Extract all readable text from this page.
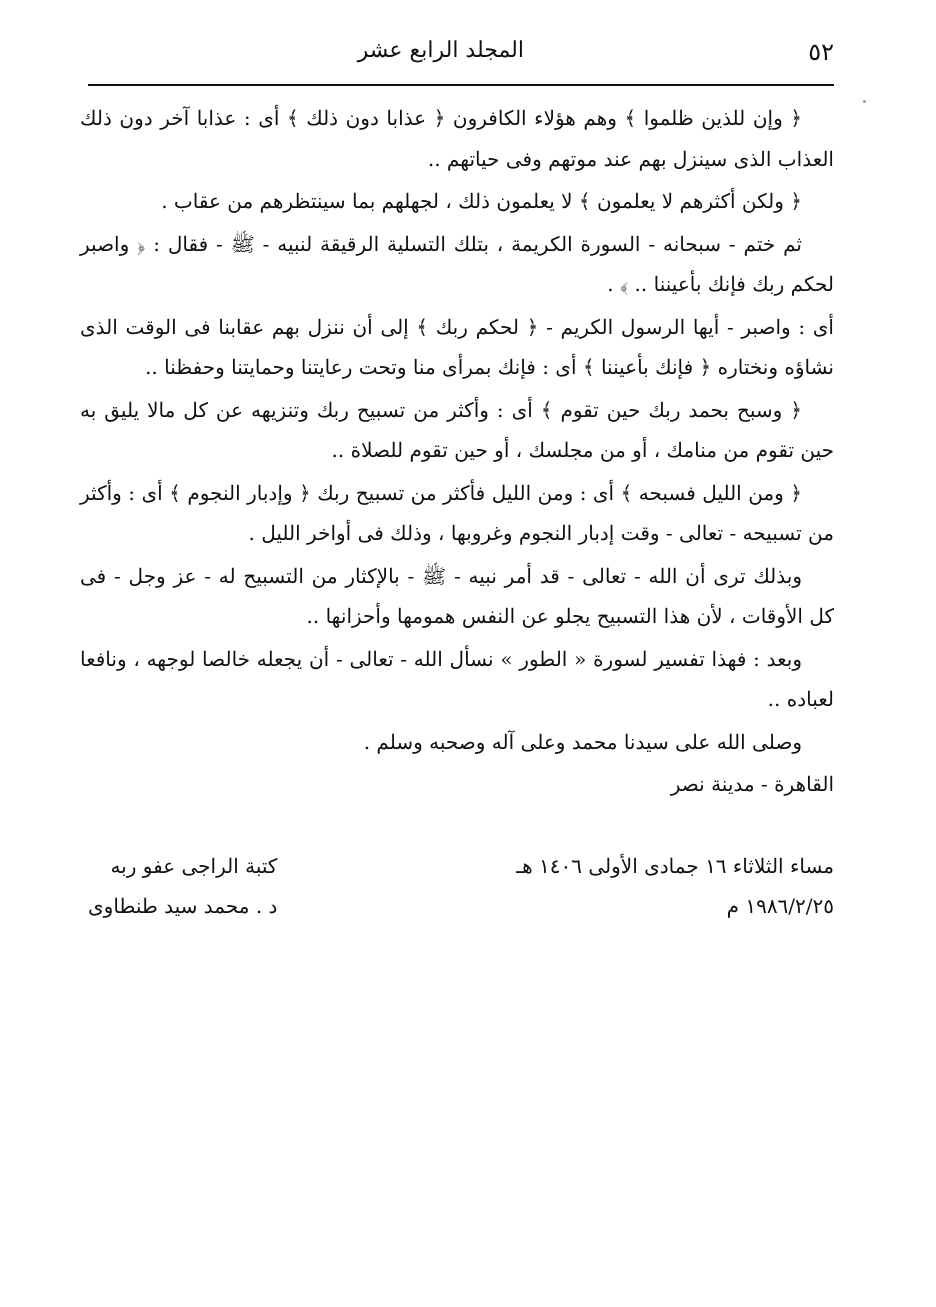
٥٢
المجلد الرابع عشر

﴿ وإن للذين ظلموا ﴾ وهم هؤلاء الكافرون ﴿ عذابا دون ذلك ﴾ أى : عذابا آخر دون ذلك العذاب الذى سينزل بهم عند موتهم وفى حياتهم ..

﴿ ولكن أكثرهم لا يعلمون ﴾ لا يعلمون ذلك ، لجهلهم بما سينتظرهم من عقاب .

ثم ختم - سبحانه - السورة الكريمة ، بتلك التسلية الرقيقة لنبيه - ﷺ - فقال : ﴿ واصبر لحكم ربك فإنك بأعيننا .. ﴾ .

أى : واصبر - أيها الرسول الكريم - ﴿ لحكم ربك ﴾ إلى أن ننزل بهم عقابنا فى الوقت الذى نشاؤه ونختاره ﴿ فإنك بأعيننا ﴾ أى : فإنك بمرأى منا وتحت رعايتنا وحمايتنا وحفظنا ..

﴿ وسبح بحمد ربك حين تقوم ﴾ أى : وأكثر من تسبيح ربك وتنزيهه عن كل مالا يليق به حين تقوم من منامك ، أو من مجلسك ، أو حين تقوم للصلاة ..

﴿ ومن الليل فسبحه ﴾ أى : ومن الليل فأكثر من تسبيح ربك ﴿ وإدبار النجوم ﴾ أى : وأكثر من تسبيحه - تعالى - وقت إدبار النجوم وغروبها ، وذلك فى أواخر الليل .

وبذلك ترى أن الله - تعالى - قد أمر نبيه - ﷺ - بالإكثار من التسبيح له - عز وجل - فى كل الأوقات ، لأن هذا التسبيح يجلو عن النفس همومها وأحزانها ..

وبعد : فهذا تفسير لسورة « الطور » نسأل الله - تعالى - أن يجعله خالصا لوجهه ، ونافعا لعباده ..

وصلى الله على سيدنا محمد وعلى آله وصحبه وسلم .

القاهرة - مدينة نصر

مساء الثلاثاء ١٦ جمادى الأولى ١٤٠٦ هـ
١٩٨٦/٢/٢٥ م
كتبة الراجى عفو ربه
د . محمد سيد طنطاوى
